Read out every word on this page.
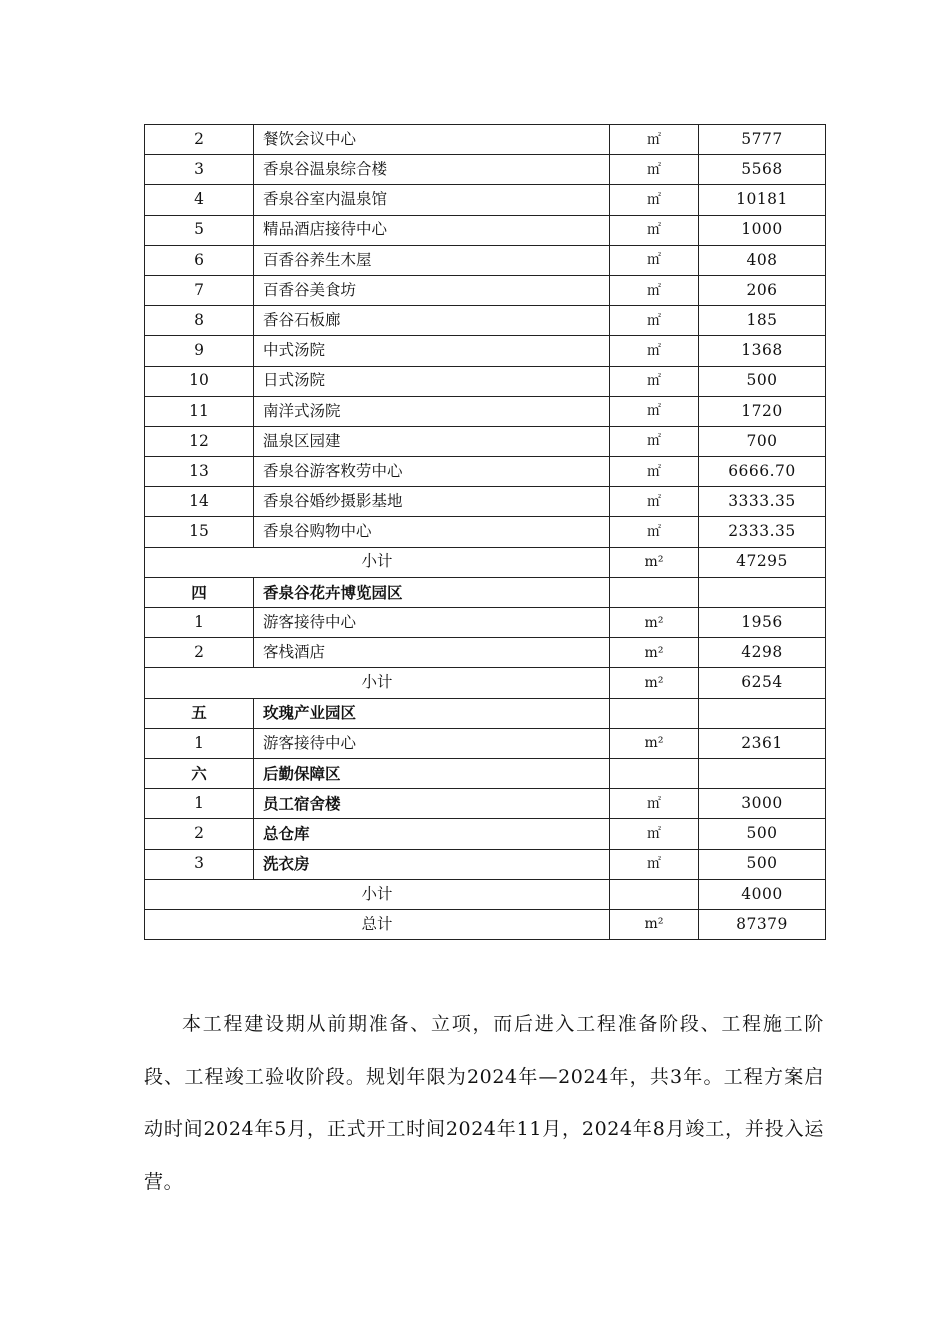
2	餐饮会议中心	㎡	5777
3	香泉谷温泉综合楼	㎡	5568
4	香泉谷室内温泉馆	㎡	10181
5	精品酒店接待中心	㎡	1000
6	百香谷养生木屋	㎡	408
7	百香谷美食坊	㎡	206
8	香谷石板廊	㎡	185
9	中式汤院	㎡	1368
10	日式汤院	㎡	500
11	南洋式汤院	㎡	1720
12	温泉区园建	㎡	700
13	香泉谷游客敉劳中心	㎡	6666.70
14	香泉谷婚纱摄影基地	㎡	3333.35
15	香泉谷购物中心	㎡	2333.35
小计		m²	47295
四	香泉谷花卉博览园区		
1	游客接待中心	m²	1956
2	客栈酒店	m²	4298
小计		m²	6254
五	玫瑰产业园区		
1	游客接待中心	m²	2361
六	后勤保障区		
1	员工宿舍楼	㎡	3000
2	总仓库	㎡	500
3	洗衣房	㎡	500
小计			4000
总计		m²	87379

本工程建设期从前期准备、立项，而后进入工程准备阶段、工程施工阶段、工程竣工验收阶段。规划年限为2024年—2024年，共3年。工程方案启动时间2024年5月，正式开工时间2024年11月，2024年8月竣工，并投入运营。
